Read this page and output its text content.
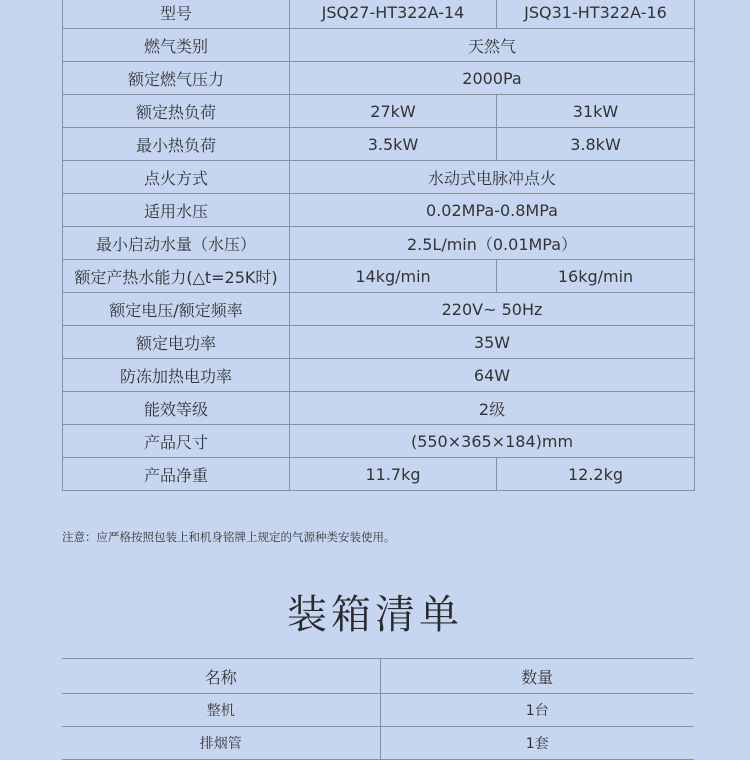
型号	JSQ27-HT322A-14	JSQ31-HT322A-16
燃气类别	天然气	
额定燃气压力	2000Pa	
额定热负荷	27kW	31kW
最小热负荷	3.5kW	3.8kW
点火方式	水动式电脉冲点火	
适用水压	0.02MPa-0.8MPa	
最小启动水量（水压）	2.5L/min（0.01MPa）	
额定产热水能力(△t=25K时)	14kg/min	16kg/min
额定电压/额定频率	220V~ 50Hz	
额定电功率	35W	
防冻加热电功率	64W	
能效等级	2级	
产品尺寸	(550×365×184)mm	
产品净重	11.7kg	12.2kg
注意：应严格按照包装上和机身铭牌上规定的气源种类安装使用。
装箱清单
名称	数量
整机	1台
排烟管	1套
